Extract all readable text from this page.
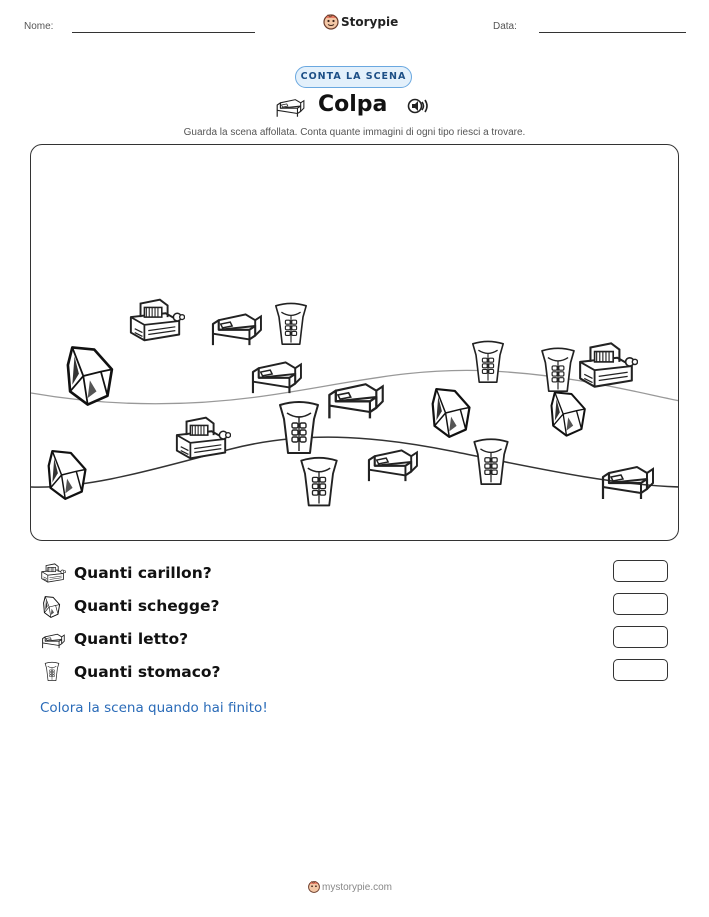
Nome:	Storypie	Data:
CONTA LA SCENA
Colpa
Guarda la scena affollata. Conta quante immagini di ogni tipo riesci a trovare.
Quanti carillon?
Quanti schegge?
Quanti letto?
Quanti stomaco?
Colora la scena quando hai finito!
mystorypie.com
